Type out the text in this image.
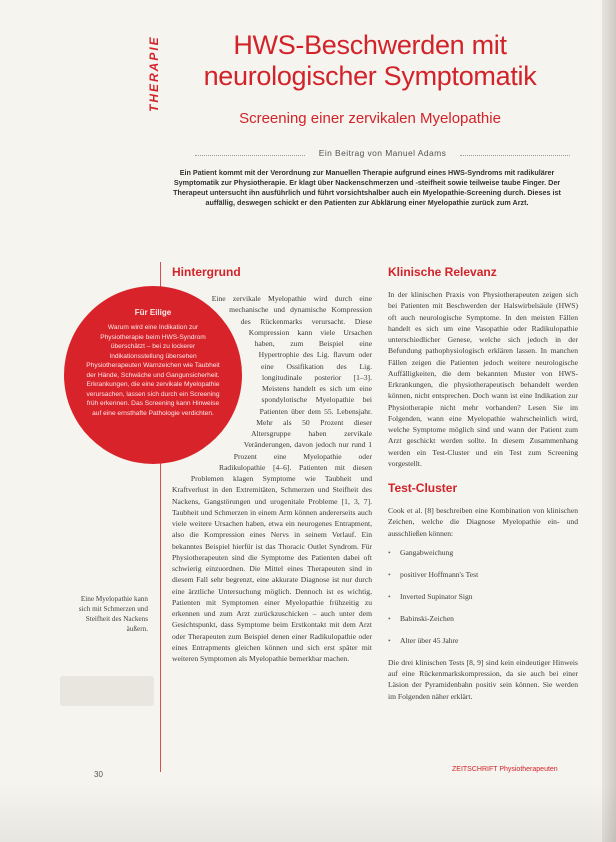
THERAPIE	HWS-Beschwerden mit neurologischer Symptomatik
Screening einer zervikalen Myelopathie
Ein Beitrag von Manuel Adams

Ein Patient kommt mit der Verordnung zur Manuellen Therapie aufgrund eines HWS-Syndroms mit radikulärer Symptomatik zur Physiotherapie. Er klagt über Nackenschmerzen und -steifheit sowie teilweise taube Finger. Der Therapeut untersucht ihn ausführlich und führt vorsichtshalber auch ein Myelopathie-Screening durch. Dieses ist auffällig, deswegen schickt er den Patienten zur Abklärung einer Myelopathie zurück zum Arzt.

Hintergrund

Eine zervikale Myelopathie wird durch eine mechanische und dynamische Kompression des Rückenmarks verursacht. Diese Kompression kann viele Ursachen haben, zum Beispiel eine Hypertrophie des Lig. flavum oder eine Ossifikation des Lig. longitudinale posterior [1–3]. Meistens handelt es sich um eine spondylotische Myelopathie bei Patienten über dem 55. Lebensjahr. Mehr als 50 Prozent dieser Altersgruppe haben zervikale Veränderungen, davon jedoch nur rund 1 Prozent eine Myelopathie oder Radikulopathie [4–6]. Patienten mit diesen Problemen klagen Symptome wie Taubheit und Kraftverlust in den Extremitäten, Schmerzen und Steifheit des Nackens, Gangstörungen und urogenitale Probleme [1, 3, 7]. Taubheit und Schmerzen in einem Arm können andererseits auch viele weitere Ursachen haben, etwa ein neurogenes Entrapment, also die Kompression eines Nervs in seinem Verlauf. Ein bekanntes Beispiel hierfür ist das Thoracic Outlet Syndrom. Für Physiotherapeuten sind die Symptome des Patienten dabei oft schwierig einzuordnen. Die Mittel eines Therapeuten sind in diesem Fall sehr begrenzt, eine akkurate Diagnose ist nur durch eine ärztliche Untersuchung möglich. Dennoch ist es wichtig, Patienten mit Symptomen einer Myelopathie frühzeitig zu erkennen und zum Arzt zurückzuschicken – auch unter dem Gesichtspunkt, dass Symptome beim Erstkontakt mit dem Arzt oder Therapeuten zum Beispiel denen einer Radikulopathie oder eines Entrapments gleichen können und sich erst später mit weiteren Symptomen als Myelopathie bemerkbar machen.

Für Eilige
Warum wird eine Indikation zur Physiotherapie beim HWS-Syndrom überschätzt – bei zu lockerer Indikationsstellung übersehen Physiotherapeuten Warnzeichen wie Taubheit der Hände, Schwäche und Gangunsicherheit. Erkrankungen, die eine zervikale Myelopathie verursachen, lassen sich durch ein Screening früh erkennen. Das Screening kann Hinweise auf eine ernsthafte Pathologie verdichten.

Eine Myelopathie kann sich mit Schmerzen und Steifheit des Nackens äußern.

Klinische Relevanz

In der klinischen Praxis von Physiotherapeuten zeigen sich bei Patienten mit Beschwerden der Halswirbelsäule (HWS) oft auch neurologische Symptome. In den meisten Fällen handelt es sich um eine Vasopathie oder Radikulopathie unterschiedlicher Genese, welche sich jedoch in der Befundung pathophysiologisch erklären lassen. In manchen Fällen zeigen die Patienten jedoch weitere neurologische Auffälligkeiten, die dem bekannten Muster von HWS-Erkrankungen, die physiotherapeutisch behandelt werden können, nicht entsprechen. Doch wann ist eine Indikation zur Physiotherapie nicht mehr vorhanden? Lesen Sie im Folgenden, wann eine Myelopathie wahrscheinlich wird, welche Symptome möglich sind und wann der Patient zum Arzt geschickt werden sollte. In diesem Zusammenhang werden ein Test-Cluster und ein Test zum Screening vorgestellt.

Test-Cluster

Cook et al. [8] beschreiben eine Kombination von klinischen Zeichen, welche die Diagnose Myelopathie ein- und ausschließen können:

• Gangabweichung
• positiver Hoffmann's Test
• Inverted Supinator Sign
• Babinski-Zeichen
• Alter über 45 Jahre

Die drei klinischen Tests [8, 9] sind kein eindeutiger Hinweis auf eine Rückenmarkskompression, da sie auch bei einer Läsion der Pyramidenbahn positiv sein können. Sie werden im Folgenden näher erklärt.

30
ZEITSCHRIFT Physiotherapeuten
